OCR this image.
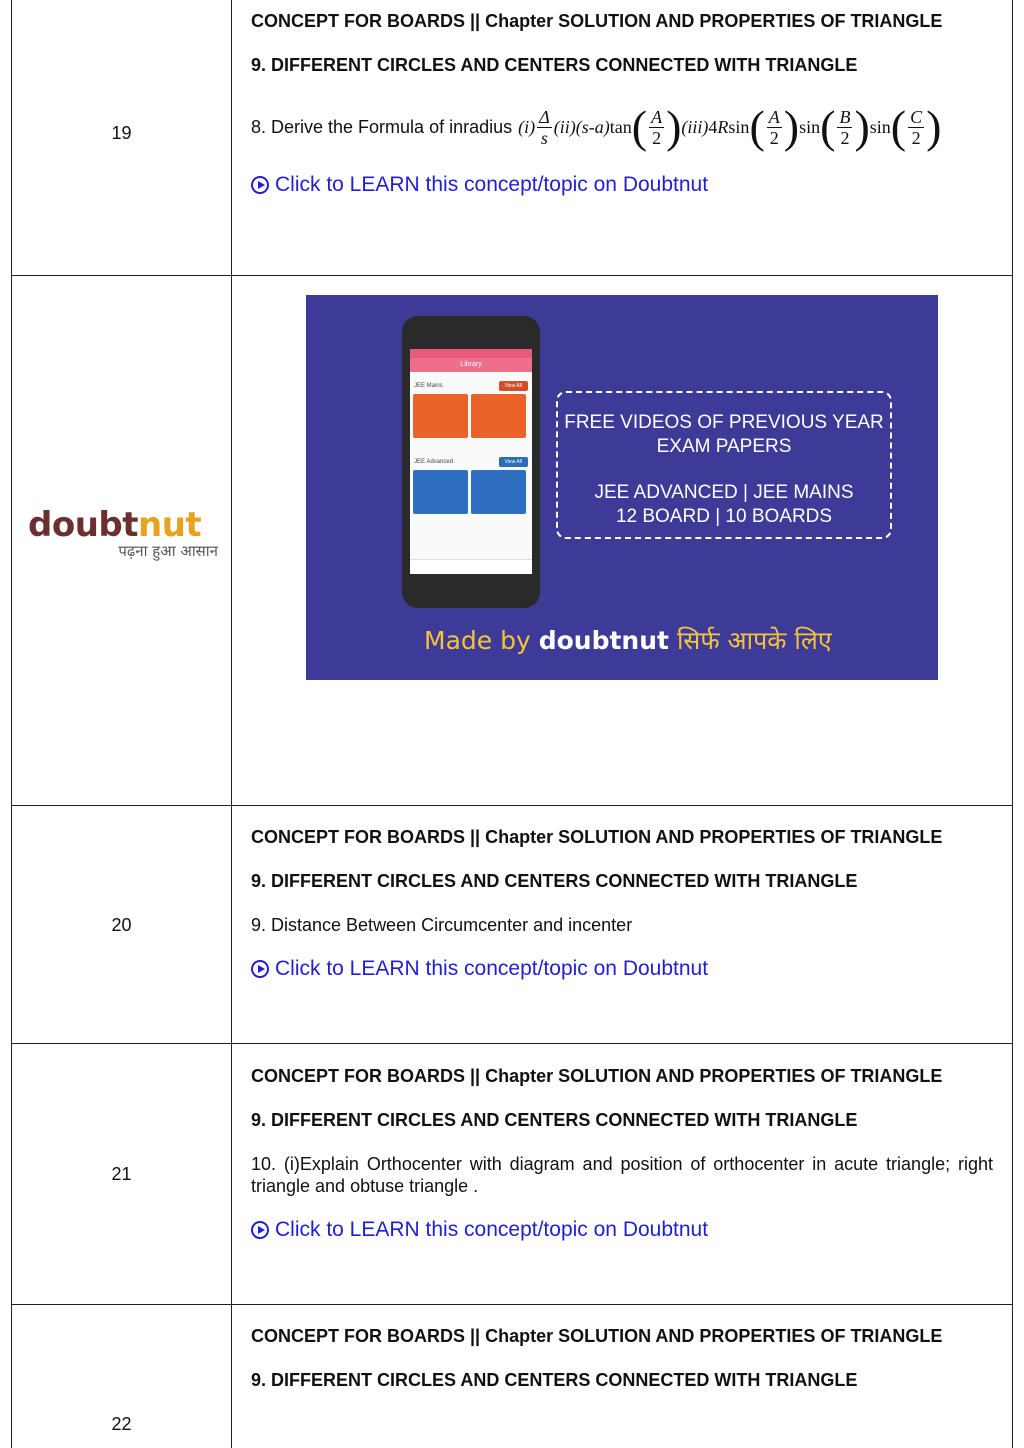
19
CONCEPT FOR BOARDS || Chapter SOLUTION AND PROPERTIES OF TRIANGLE
9. DIFFERENT CIRCLES AND CENTERS CONNECTED WITH TRIANGLE
8. Derive the Formula of inradius ( i ) $\frac{\Delta}{s}$ ( ii )( s - a ) tan ( $\frac{A}{2}$ ) ( iii ) 4 R sin ( $\frac{A}{2}$ ) sin ( $\frac{B}{2}$ ) sin ( $\frac{C}{2}$ )
Click to LEARN this concept/topic on Doubtnut
doubtnut
पढ़ना हुआ आसान
Library
JEE Mains	View All
JEE Advanced	View All
FREE VIDEOS OF PREVIOUS YEAR
EXAM PAPERS
JEE ADVANCED | JEE MAINS
12 BOARD | 10 BOARDS
Made by doubtnut सिर्फ आपके लिए
20
CONCEPT FOR BOARDS || Chapter SOLUTION AND PROPERTIES OF TRIANGLE
9. DIFFERENT CIRCLES AND CENTERS CONNECTED WITH TRIANGLE
9. Distance Between Circumcenter and incenter
Click to LEARN this concept/topic on Doubtnut
21
CONCEPT FOR BOARDS || Chapter SOLUTION AND PROPERTIES OF TRIANGLE
9. DIFFERENT CIRCLES AND CENTERS CONNECTED WITH TRIANGLE
10. (i)Explain Orthocenter with diagram and position of orthocenter in acute triangle; right triangle and obtuse triangle .
Click to LEARN this concept/topic on Doubtnut
22
CONCEPT FOR BOARDS || Chapter SOLUTION AND PROPERTIES OF TRIANGLE
9. DIFFERENT CIRCLES AND CENTERS CONNECTED WITH TRIANGLE
